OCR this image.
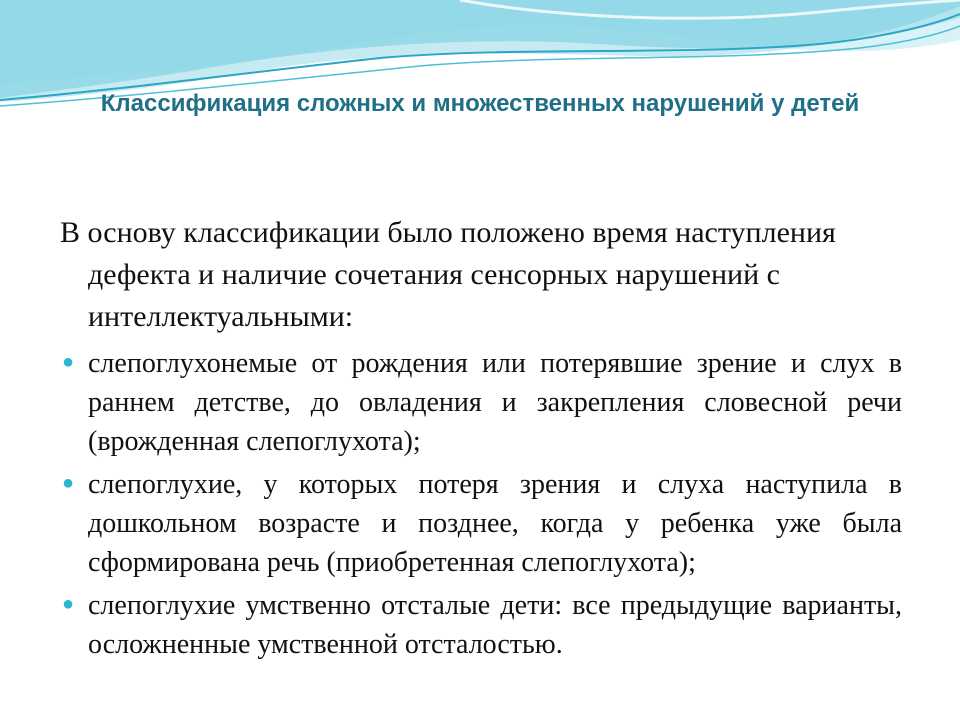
Классификация сложных и множественных нарушений у детей

В основу классификации было положено время наступления дефекта и наличие сочетания сенсорных нарушений с интеллектуальными:

● слепоглухонемые от рождения или потерявшие зрение и слух в раннем детстве, до овладения и закрепления словесной речи (врожденная слепоглухота);
● слепоглухие, у которых потеря зрения и слуха наступила в дошкольном возрасте и позднее, когда у ребенка уже была сформирована речь (приобретенная слепоглухота);
● слепоглухие умственно отсталые дети: все предыдущие варианты, осложненные умственной отсталостью.
